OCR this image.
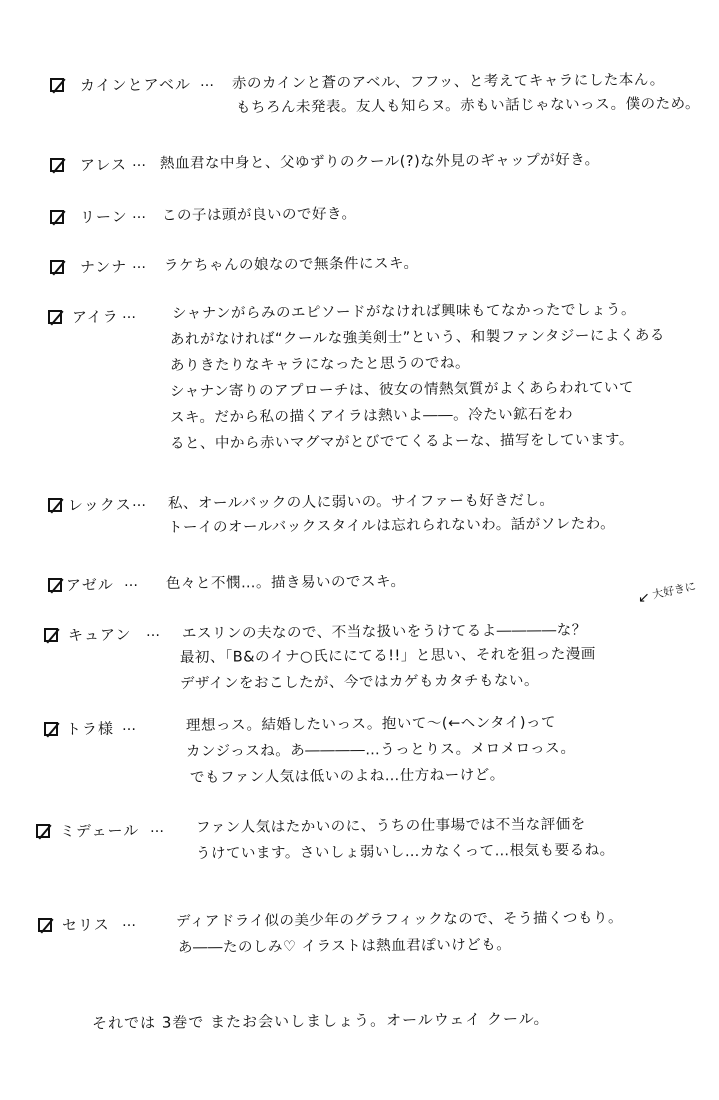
カインとアベル … 赤のカインと蒼のアベル、フフッ、と考えてキャラにした本ん。
もちろん未発表。友人も知らヌ。赤もい話じゃないっス。僕のため。
アレス … 熱血君な中身と、父ゆずりのクール(?)な外見のギャップが好き。
リーン … この子は頭が良いので好き。
ナンナ … ラケちゃんの娘なので無条件にスキ。
アイラ … シャナンがらみのエピソードがなければ興味もてなかったでしょう。
あれがなければ“クールな強美剣士”という、和製ファンタジーによくある
ありきたりなキャラになったと思うのでね。
シャナン寄りのアプローチは、彼女の情熱気質がよくあらわれていて
スキ。だから私の描くアイラは熱いよ――。冷たい鉱石をわ
ると、中から赤いマグマがとびでてくるよーな、描写をしています。
レックス … 私、オールバックの人に弱いの。サイファーも好きだし。
トーイのオールバックスタイルは忘れられないわ。話がソレたわ。
アゼル … 色々と不憫…。描き易いのでスキ。	大好きに
↙
キュアン … エスリンの夫なので、不当な扱いをうけてるよ――――な？
最初、「B&のイナ○氏ににてる!!」と思い、それを狙った漫画
デザインをおこしたが、今ではカゲもカタチもない。
トラ様 …	理想っス。結婚したいっス。抱いて～(←ヘンタイ)って
カンジっスね。あ――――…うっとりス。メロメロっス。
でもファン人気は低いのよね…仕方ねーけど。
ミデェール … ファン人気はたかいのに、うちの仕事場では不当な評価を
うけています。さいしょ弱いし…カなくって…根気も要るね。
セリス …	ディアドライ似の美少年のグラフィックなので、そう描くつもり。
あ――たのしみ♡ イラストは熱血君ぽいけども。
それでは 3巻で またお会いしましょう。オールウェイ クール。
